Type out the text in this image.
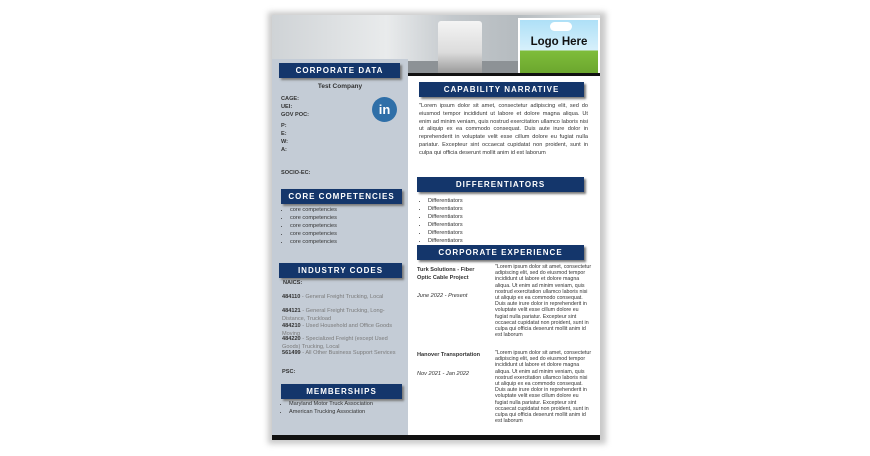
Logo Here
CORPORATE DATA
Test Company
CAGE:
UEI:
GOV POC:
P:
E:
W:
A:
SOCIO-EC:
CORE COMPETENCIES
• core competencies
• core competencies
• core competencies
• core competencies
• core competencies
INDUSTRY CODES
NAICS:
484110 - General Freight Trucking, Local
484121 - General Freight Trucking, Long-Distance, Truckload
484210 - Used Household and Office Goods Moving
484220 - Specialized Freight (except Used Goods) Trucking, Local
561499 - All Other Business Support Services
PSC:
MEMBERSHIPS
• Maryland Motor Truck Association
• American Trucking Association
in
CAPABILITY NARRATIVE
"Lorem ipsum dolor sit amet, consectetur adipiscing elit, sed do eiusmod tempor incididunt ut labore et dolore magna aliqua. Ut enim ad minim veniam, quis nostrud exercitation ullamco laboris nisi ut aliquip ex ea commodo consequat. Duis aute irure dolor in reprehenderit in voluptate velit esse cillum dolore eu fugiat nulla pariatur. Excepteur sint occaecat cupidatat non proident, sunt in culpa qui officia deserunt mollit anim id est laborum
DIFFERENTIATORS
• Differentiators
• Differentiators
• Differentiators
• Differentiators
• Differentiators
• Differentiators
CORPORATE EXPERIENCE
Turk Solutions - Fiber Optic Cable Project
June 2022 - Present
"Lorem ipsum dolor sit amet, consectetur adipiscing elit, sed do eiusmod tempor incididunt ut labore et dolore magna aliqua. Ut enim ad minim veniam, quis nostrud exercitation ullamco laboris nisi ut aliquip ex ea commodo consequat. Duis aute irure dolor in reprehenderit in voluptate velit esse cillum dolore eu fugiat nulla pariatur. Excepteur sint occaecat cupidatat non proident, sunt in culpa qui officia deserunt mollit anim id est laborum
Hanover Transportation
Nov 2021 - Jan 2022
"Lorem ipsum dolor sit amet, consectetur adipiscing elit, sed do eiusmod tempor incididunt ut labore et dolore magna aliqua. Ut enim ad minim veniam, quis nostrud exercitation ullamco laboris nisi ut aliquip ex ea commodo consequat. Duis aute irure dolor in reprehenderit in voluptate velit esse cillum dolore eu fugiat nulla pariatur. Excepteur sint occaecat cupidatat non proident, sunt in culpa qui officia deserunt mollit anim id est laborum
